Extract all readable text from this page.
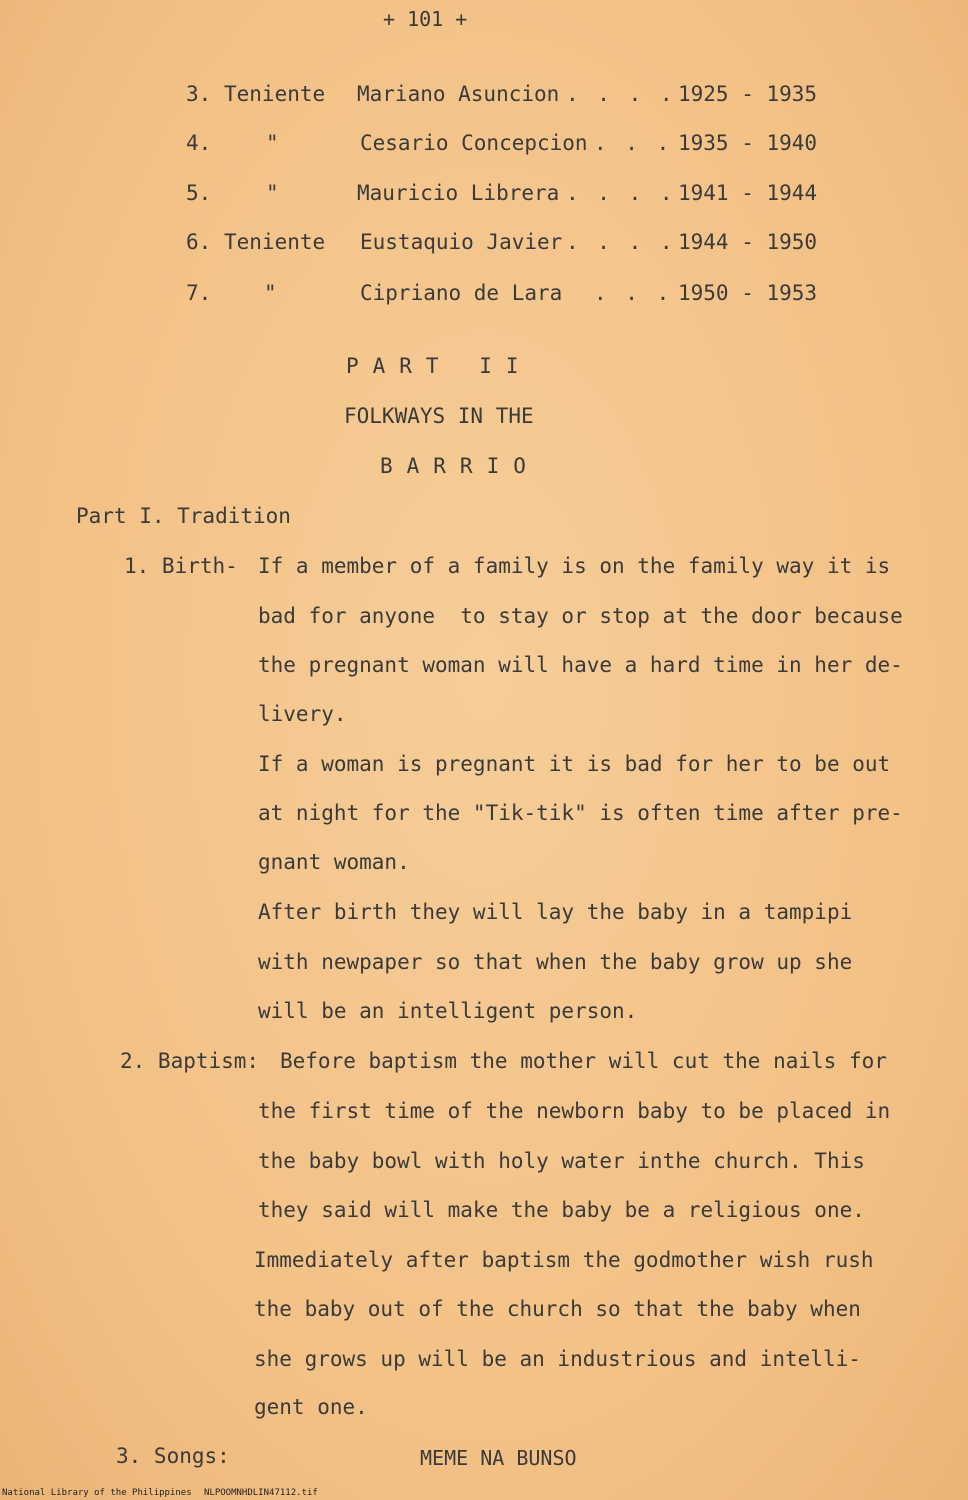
+ 101 +
3. Teniente Mariano Asuncion . . . . 1925 - 1935
4.	"	Cesario Concepcion . . . 1935 - 1940
5.	"	Mauricio Librera . . . . 1941 - 1944
6. Teniente Eustaquio Javier . . . . 1944 - 1950
7.	"	Cipriano de Lara . . . 1950 - 1953
PART II
FOLKWAYS IN THE
BARRIO
Part I. Tradition
1. Birth- If a member of a family is on the family way it is
bad for anyone  to stay or stop at the door because
the pregnant woman will have a hard time in her de-
livery.
If a woman is pregnant it is bad for her to be out
at night for the "Tik-tik" is often time after pre-
gnant woman.
After birth they will lay the baby in a tampipi
with newpaper so that when the baby grow up she
will be an intelligent person.
2. Baptism: Before baptism the mother will cut the nails for
the first time of the newborn baby to be placed in
the baby bowl with holy water inthe church. This
they said will make the baby be a religious one.
Immediately after baptism the godmother wish rush
the baby out of the church so that the baby when
she grows up will be an industrious and intelli-
gent one.
3. Songs:	MEME NA BUNSO
National Library of the Philippines NLPOOMNHDLIN47112.tif
